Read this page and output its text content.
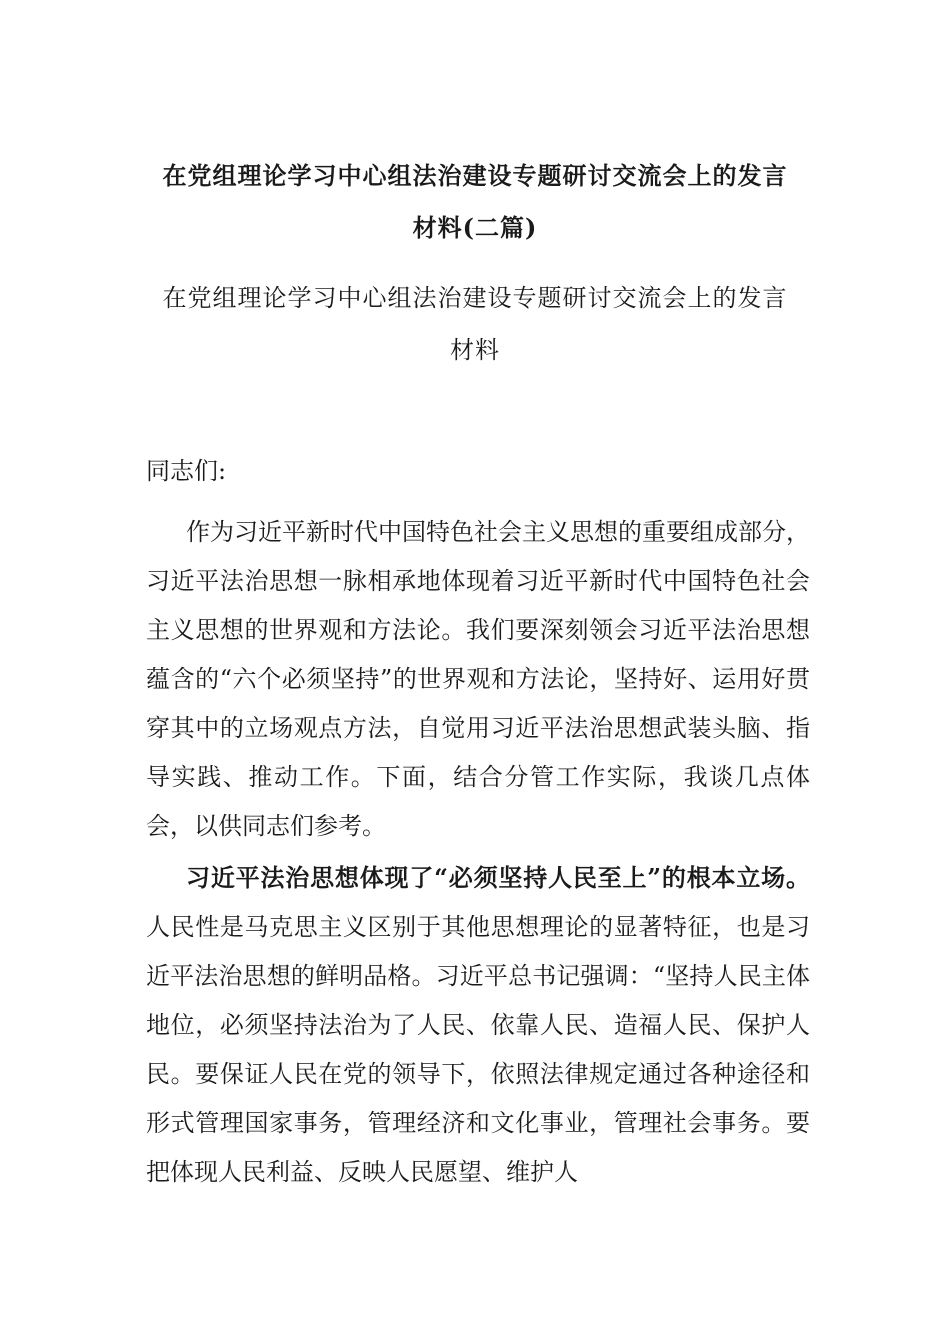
在党组理论学习中心组法治建设专题研讨交流会上的发言
材料(二篇)
在党组理论学习中心组法治建设专题研讨交流会上的发言
材料

同志们:

作为习近平新时代中国特色社会主义思想的重要组成部分，习近平法治思想一脉相承地体现着习近平新时代中国特色社会主义思想的世界观和方法论。我们要深刻领会习近平法治思想蕴含的“六个必须坚持”的世界观和方法论，坚持好、运用好贯穿其中的立场观点方法，自觉用习近平法治思想武装头脑、指导实践、推动工作。下面，结合分管工作实际，我谈几点体会，以供同志们参考。

习近平法治思想体现了“必须坚持人民至上”的根本立场。人民性是马克思主义区别于其他思想理论的显著特征，也是习近平法治思想的鲜明品格。习近平总书记强调：“坚持人民主体地位，必须坚持法治为了人民、依靠人民、造福人民、保护人民。要保证人民在党的领导下，依照法律规定通过各种途径和形式管理国家事务，管理经济和文化事业，管理社会事务。要把体现人民利益、反映人民愿望、维护人
